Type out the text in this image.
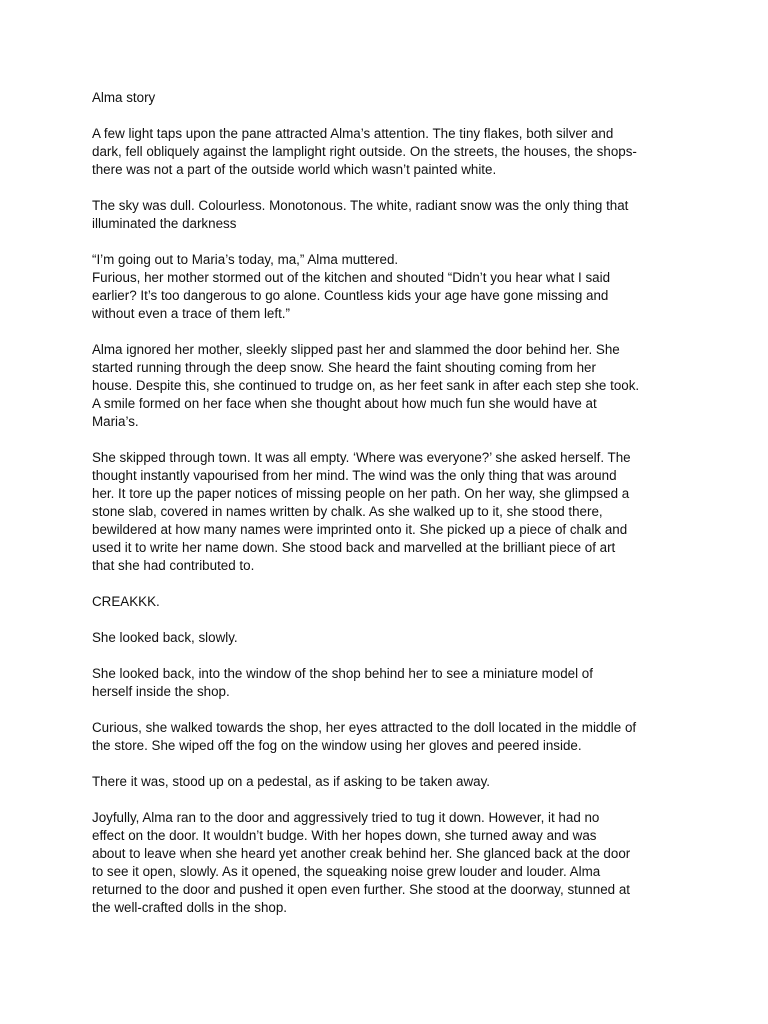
Alma story
A few light taps upon the pane attracted Alma’s attention. The tiny flakes, both silver and
dark, fell obliquely against the lamplight right outside. On the streets, the houses, the shops-
there was not a part of the outside world which wasn’t painted white.
The sky was dull. Colourless. Monotonous. The white, radiant snow was the only thing that
illuminated the darkness
“I’m going out to Maria’s today, ma,” Alma muttered.
Furious, her mother stormed out of the kitchen and shouted “Didn’t you hear what I said
earlier? It’s too dangerous to go alone. Countless kids your age have gone missing and
without even a trace of them left.”
Alma ignored her mother, sleekly slipped past her and slammed the door behind her. She
started running through the deep snow. She heard the faint shouting coming from her
house. Despite this, she continued to trudge on, as her feet sank in after each step she took.
A smile formed on her face when she thought about how much fun she would have at
Maria’s.
She skipped through town. It was all empty. ‘Where was everyone?’ she asked herself. The
thought instantly vapourised from her mind. The wind was the only thing that was around
her. It tore up the paper notices of missing people on her path. On her way, she glimpsed a
stone slab, covered in names written by chalk. As she walked up to it, she stood there,
bewildered at how many names were imprinted onto it. She picked up a piece of chalk and
used it to write her name down. She stood back and marvelled at the brilliant piece of art
that she had contributed to.
CREAKKK.
She looked back, slowly.
She looked back, into the window of the shop behind her to see a miniature model of
herself inside the shop.
Curious, she walked towards the shop, her eyes attracted to the doll located in the middle of
the store. She wiped off the fog on the window using her gloves and peered inside.
There it was, stood up on a pedestal, as if asking to be taken away.
Joyfully, Alma ran to the door and aggressively tried to tug it down. However, it had no
effect on the door. It wouldn’t budge. With her hopes down, she turned away and was
about to leave when she heard yet another creak behind her. She glanced back at the door
to see it open, slowly. As it opened, the squeaking noise grew louder and louder. Alma
returned to the door and pushed it open even further. She stood at the doorway, stunned at
the well-crafted dolls in the shop.
